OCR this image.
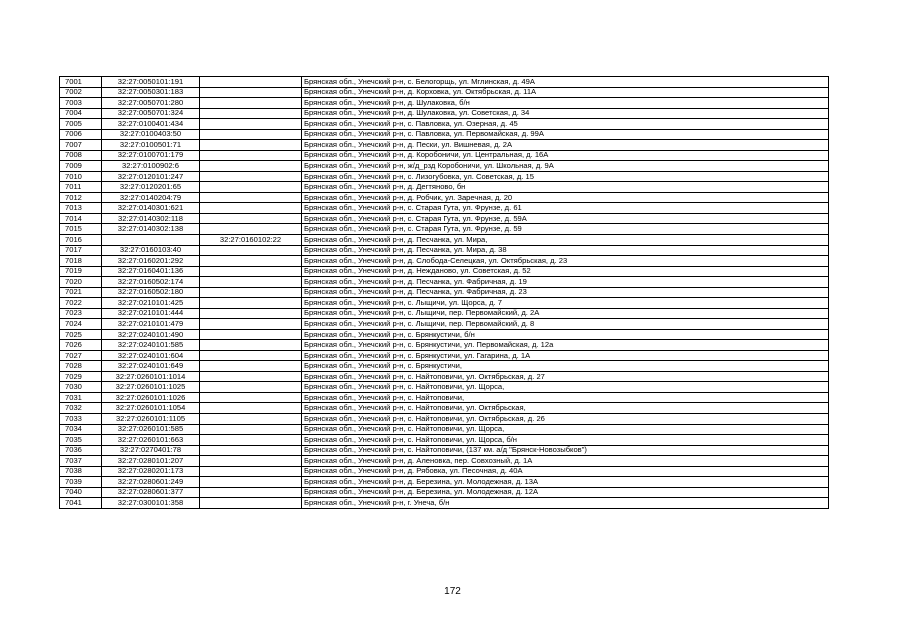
7001	32:27:0050101:191		Брянская обл., Унечский р-н, с. Белогорщь, ул. Мглинская, д. 49А
7002	32:27:0050301:183		Брянская обл., Унечский р-н, д. Корховка, ул. Октябрьская, д. 11А
7003	32:27:0050701:280		Брянская обл., Унечский р-н, д. Шулаковка, б/н
7004	32:27:0050701:324		Брянская обл., Унечский р-н, д. Шулаковка, ул. Советская, д. 34
7005	32:27:0100401:434		Брянская обл., Унечский р-н, с. Павловка, ул. Озерная, д. 45
7006	32:27:0100403:50		Брянская обл., Унечский р-н, с. Павловка, ул. Первомайская, д. 99А
7007	32:27:0100501:71		Брянская обл., Унечский р-н, д. Пески, ул. Вишневая, д. 2А
7008	32:27:0100701:179		Брянская обл., Унечский р-н, д. Коробоничи, ул. Центральная, д. 16А
7009	32:27:0100902:6		Брянская обл., Унечский р-н, ж/д_рзд Коробоничи, ул. Школьная, д. 9А
7010	32:27:0120101:247		Брянская обл., Унечский р-н, с. Лизогубовка, ул. Советская, д. 15
7011	32:27:0120201:65		Брянская обл., Унечский р-н, д. Дегтяново, бн
7012	32:27:0140204:79		Брянская обл., Унечский р-н, д. Робчик, ул. Заречная, д. 20
7013	32:27:0140301:621		Брянская обл., Унечский р-н, с. Старая Гута, ул. Фрунзе, д. 61
7014	32:27:0140302:118		Брянская обл., Унечский р-н, с. Старая Гута, ул. Фрунзе, д. 59А
7015	32:27:0140302:138		Брянская обл., Унечский р-н, с. Старая Гута, ул. Фрунзе, д. 59
7016		32:27:0160102:22	Брянская обл., Унечский р-н, д. Песчанка, ул. Мира,
7017	32:27:0160103:40		Брянская обл., Унечский р-н, д. Песчанка, ул. Мира, д. 38
7018	32:27:0160201:292		Брянская обл., Унечский р-н, д. Слобода-Селецкая, ул. Октябрьская, д. 23
7019	32:27:0160401:136		Брянская обл., Унечский р-н, д. Нежданово, ул. Советская, д. 52
7020	32:27:0160502:174		Брянская обл., Унечский р-н, д. Песчанка, ул. Фабричная, д. 19
7021	32:27:0160502:180		Брянская обл., Унечский р-н, д. Песчанка, ул. Фабричная, д. 23
7022	32:27:0210101:425		Брянская обл., Унечский р-н, с. Лыщичи, ул. Щорса, д. 7
7023	32:27:0210101:444		Брянская обл., Унечский р-н, с. Лыщичи, пер. Первомайский, д. 2А
7024	32:27:0210101:479		Брянская обл., Унечский р-н, с. Лыщичи, пер. Первомайский, д. 8
7025	32:27:0240101:490		Брянская обл., Унечский р-н, с. Брянкустичи, б/н
7026	32:27:0240101:585		Брянская обл., Унечский р-н, с. Брянкустичи, ул. Первомайская, д. 12а
7027	32:27:0240101:604		Брянская обл., Унечский р-н, с. Брянкустичи, ул. Гагарина, д. 1А
7028	32:27:0240101:649		Брянская обл., Унечский р-н, с. Брянкустичи,
7029	32:27:0260101:1014		Брянская обл., Унечский р-н, с. Найтоповичи, ул. Октябрьская, д. 27
7030	32:27:0260101:1025		Брянская обл., Унечский р-н, с. Найтоповичи, ул. Щорса,
7031	32:27:0260101:1026		Брянская обл., Унечский р-н, с. Найтоповичи,
7032	32:27:0260101:1054		Брянская обл., Унечский р-н, с. Найтоповичи, ул. Октябрьская,
7033	32:27:0260101:1105		Брянская обл., Унечский р-н, с. Найтоповичи, ул. Октябрьская, д. 26
7034	32:27:0260101:585		Брянская обл., Унечский р-н, с. Найтоповичи, ул. Щорса,
7035	32:27:0260101:663		Брянская обл., Унечский р-н, с. Найтоповичи, ул. Щорса, б/н
7036	32:27:0270401:78		Брянская обл., Унечский р-н, с. Найтоповичи, (137 км. а/д "Брянск-Новозыбков")
7037	32:27:0280101:207		Брянская обл., Унечский р-н, д. Аленовка, пер. Совхозный, д. 1А
7038	32:27:0280201:173		Брянская обл., Унечский р-н, д. Рябовка, ул. Песочная, д. 40А
7039	32:27:0280601:249		Брянская обл., Унечский р-н, д. Березина, ул. Молодежная, д. 13А
7040	32:27:0280601:377		Брянская обл., Унечский р-н, д. Березина, ул. Молодежная, д. 12А
7041	32:27:0300101:358		Брянская обл., Унечский р-н, г. Унеча, б/н
172
